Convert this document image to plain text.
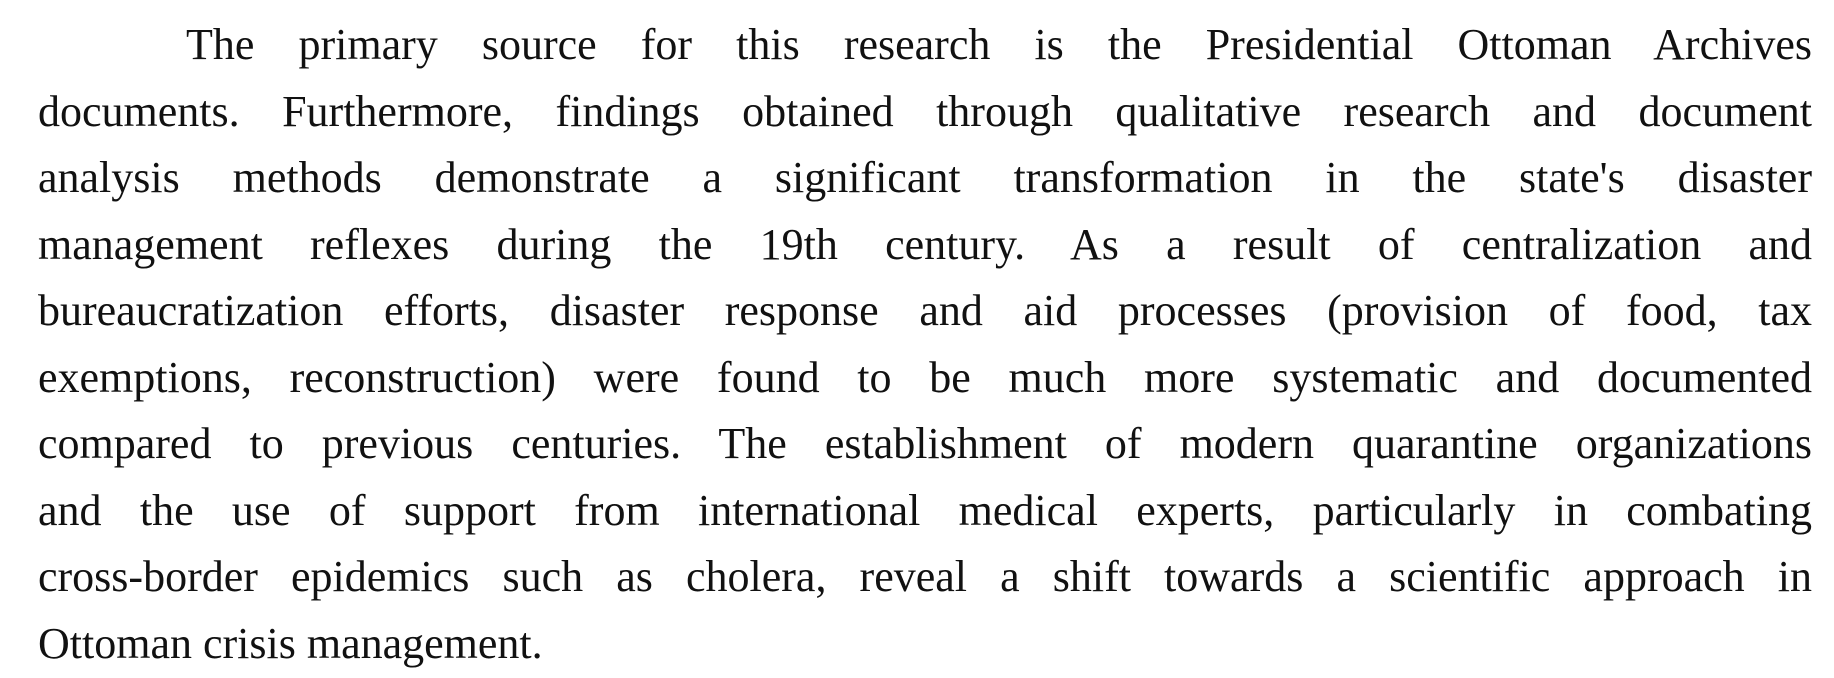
The primary source for this research is the Presidential Ottoman Archives
documents. Furthermore, findings obtained through qualitative research and document
analysis methods demonstrate a significant transformation in the state's disaster
management reflexes during the 19th century. As a result of centralization and
bureaucratization efforts, disaster response and aid processes (provision of food, tax
exemptions, reconstruction) were found to be much more systematic and documented
compared to previous centuries. The establishment of modern quarantine organizations
and the use of support from international medical experts, particularly in combating
cross-border epidemics such as cholera, reveal a shift towards a scientific approach in
Ottoman crisis management.
